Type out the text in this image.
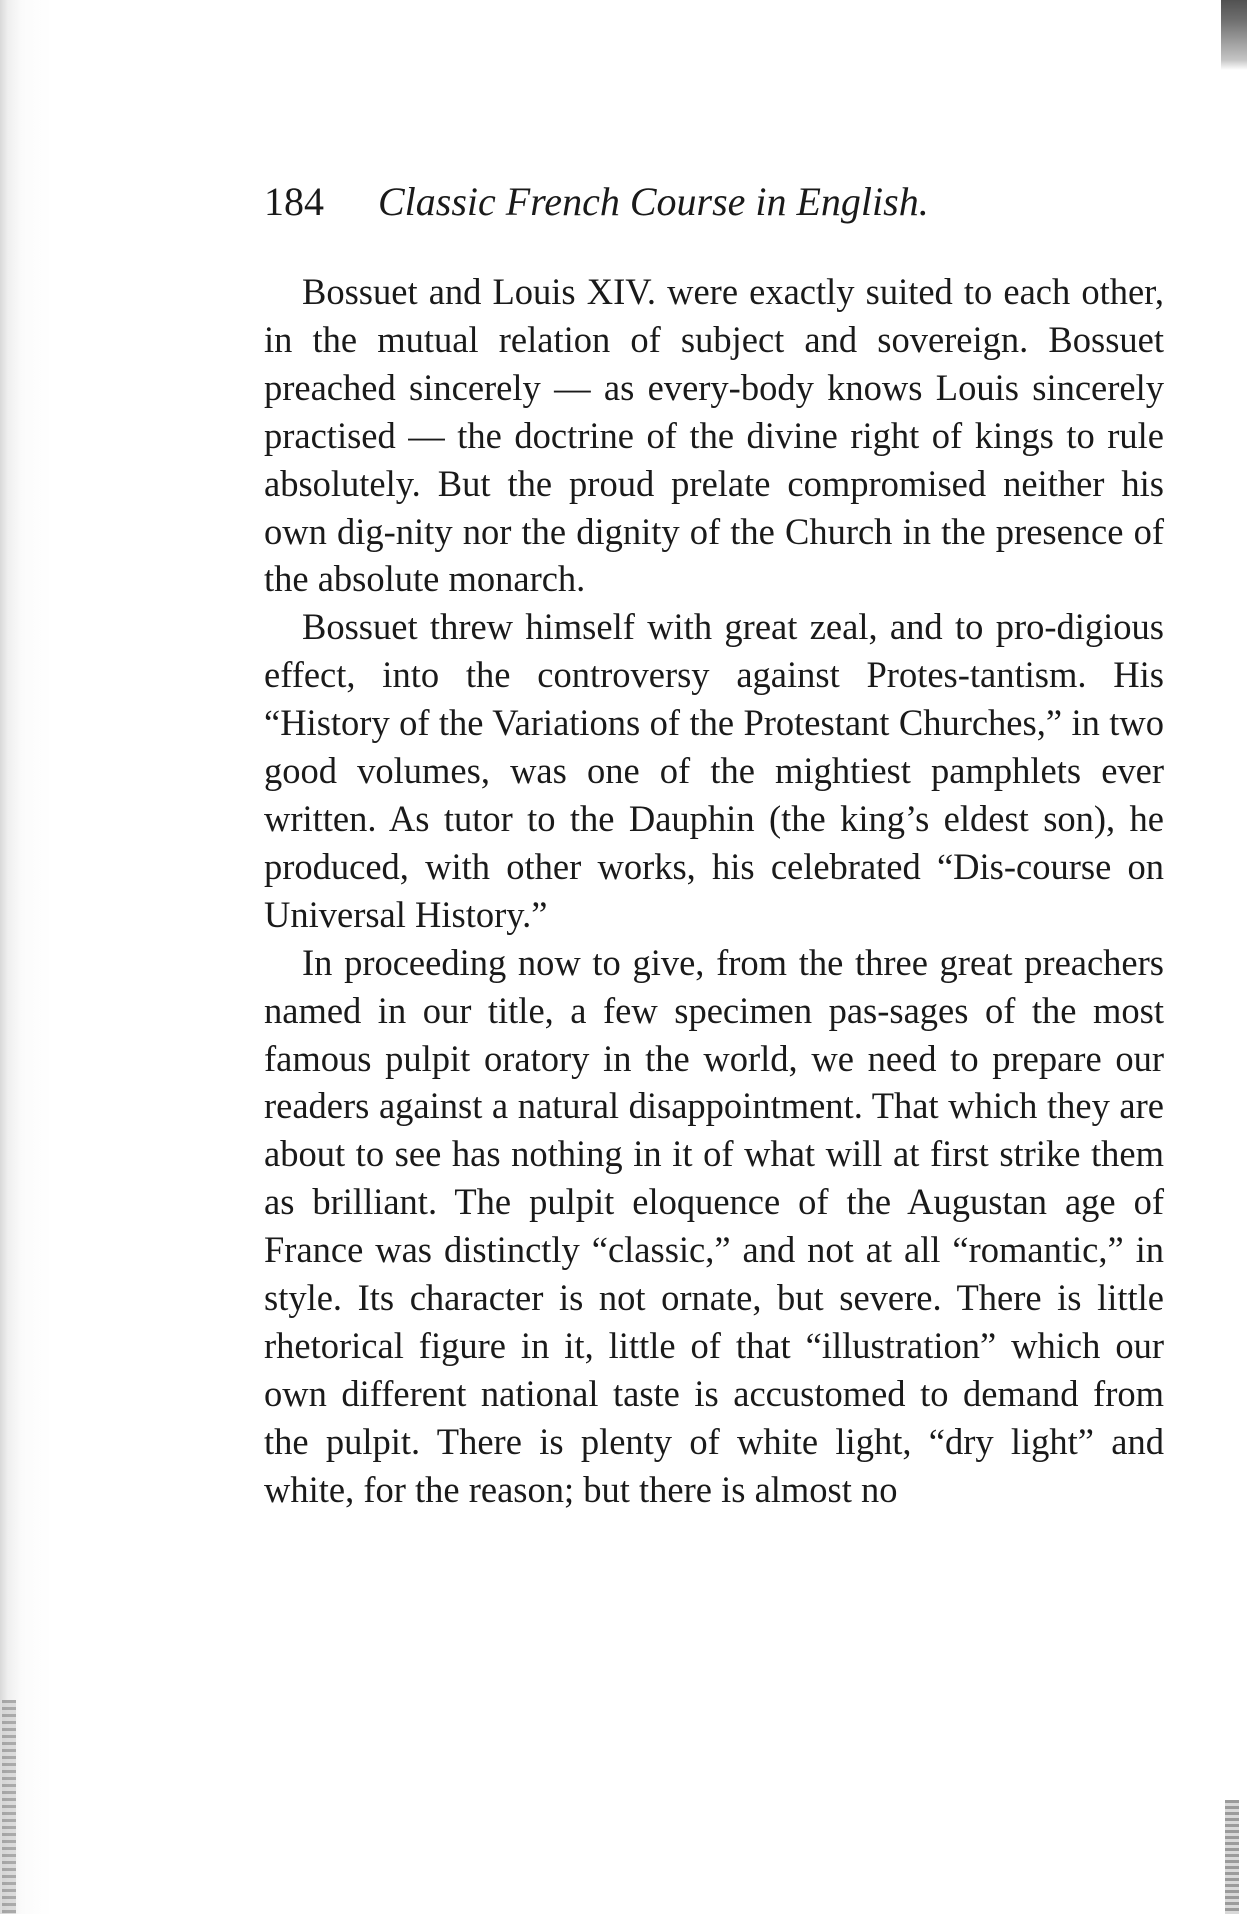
184 Classic French Course in English.

Bossuet and Louis XIV. were exactly suited to each other, in the mutual relation of subject and sovereign. Bossuet preached sincerely — as every-body knows Louis sincerely practised — the doctrine of the divine right of kings to rule absolutely. But the proud prelate compromised neither his own dig-nity nor the dignity of the Church in the presence of the absolute monarch.

Bossuet threw himself with great zeal, and to pro-digious effect, into the controversy against Protes-tantism. His “History of the Variations of the Protestant Churches,” in two good volumes, was one of the mightiest pamphlets ever written. As tutor to the Dauphin (the king’s eldest son), he produced, with other works, his celebrated “Dis-course on Universal History.”

In proceeding now to give, from the three great preachers named in our title, a few specimen pas-sages of the most famous pulpit oratory in the world, we need to prepare our readers against a natural disappointment. That which they are about to see has nothing in it of what will at first strike them as brilliant. The pulpit eloquence of the Augustan age of France was distinctly “classic,” and not at all “romantic,” in style. Its character is not ornate, but severe. There is little rhetorical figure in it, little of that “illustration” which our own different national taste is accustomed to demand from the pulpit. There is plenty of white light, “dry light” and white, for the reason; but there is almost no
